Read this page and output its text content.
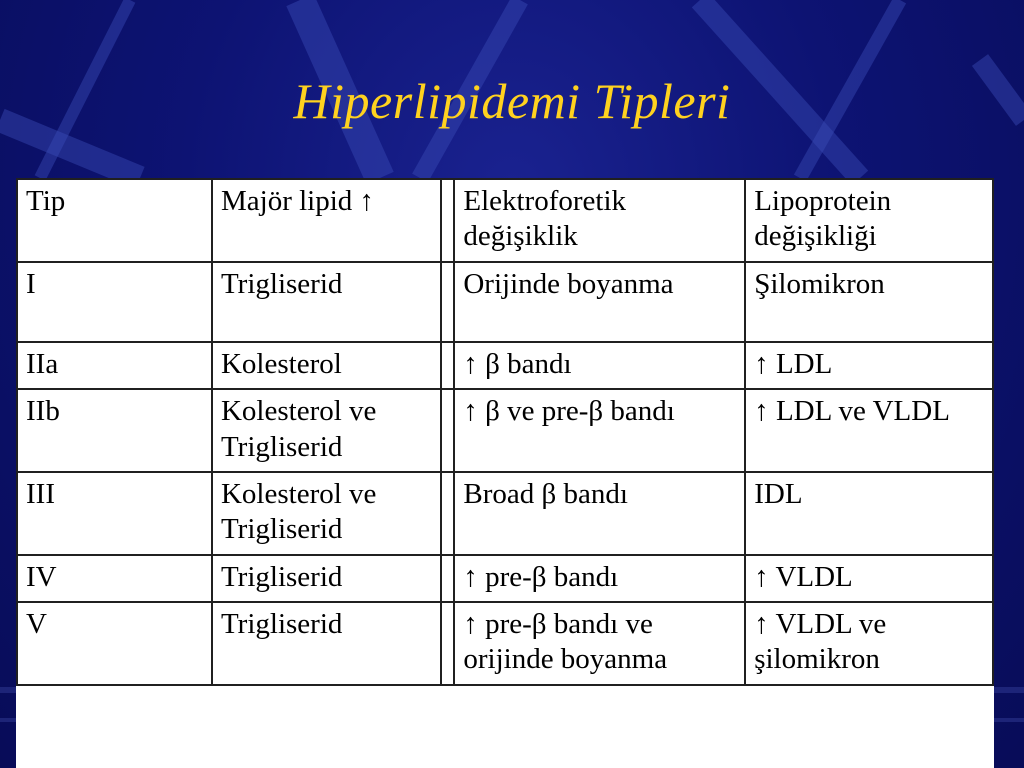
Hiperlipidemi Tipleri
Tip	Majör lipid ↑		Elektroforetik değişiklik	Lipoprotein değişikliği
I	Trigliserid		Orijinde boyanma	Şilomikron
IIa	Kolesterol		↑ β bandı	↑ LDL
IIb	Kolesterol ve Trigliserid		↑ β ve pre-β bandı	↑ LDL ve VLDL
III	Kolesterol ve Trigliserid		Broad β bandı	IDL
IV	Trigliserid		↑ pre-β bandı	↑ VLDL
V	Trigliserid		↑ pre-β bandı ve orijinde boyanma	↑ VLDL ve şilomikron
